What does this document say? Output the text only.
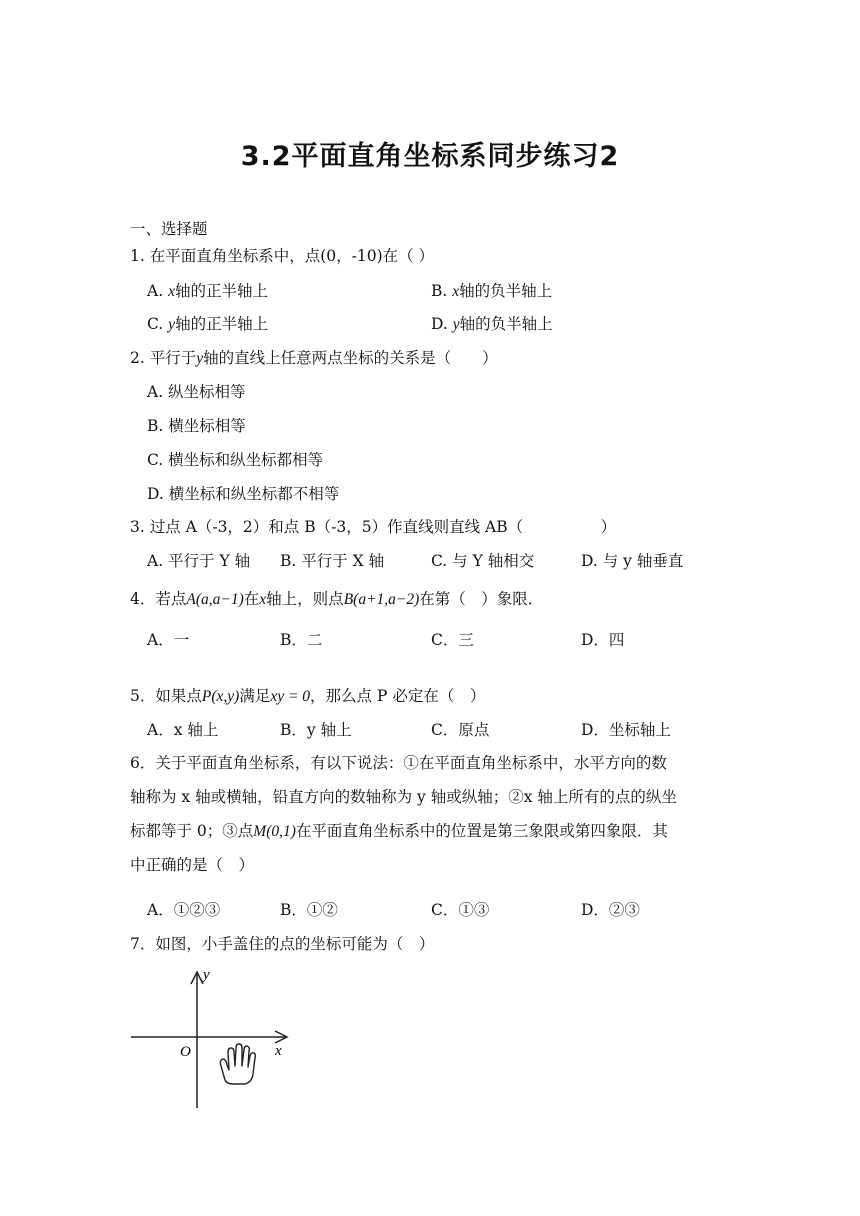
3.2平面直角坐标系同步练习2
一、选择题
1. 在平面直角坐标系中，点(0，-10)在（ ）
A. x轴的正半轴上	B. x轴的负半轴上
C. y轴的正半轴上	D. y轴的负半轴上
2. 平行于y轴的直线上任意两点坐标的关系是（　　）
A. 纵坐标相等
B. 横坐标相等
C. 横坐标和纵坐标都相等
D. 横坐标和纵坐标都不相等
3. 过点 A（-3，2）和点 B（-3，5）作直线则直线 AB（　　　　　）
A. 平行于 Y 轴 B. 平行于 X 轴	C. 与 Y 轴相交	D. 与 y 轴垂直
4．若点A(a,a−1)在x轴上，则点B(a+1,a−2)在第（　）象限．
A．一	B．二	C．三	D．四
5．如果点P(x,y)满足xy = 0，那么点 P 必定在（　）
A．x 轴上	B．y 轴上	C．原点	D．坐标轴上
6．关于平面直角坐标系，有以下说法：①在平面直角坐标系中，水平方向的数
轴称为 x 轴或横轴，铅直方向的数轴称为 y 轴或纵轴；②x 轴上所有的点的纵坐
标都等于 0；③点M(0,1)在平面直角坐标系中的位置是第三象限或第四象限．其
中正确的是（　）
A．①②③	B．①②	C．①③	D．②③
7．如图，小手盖住的点的坐标可能为（　）
y
x
O
